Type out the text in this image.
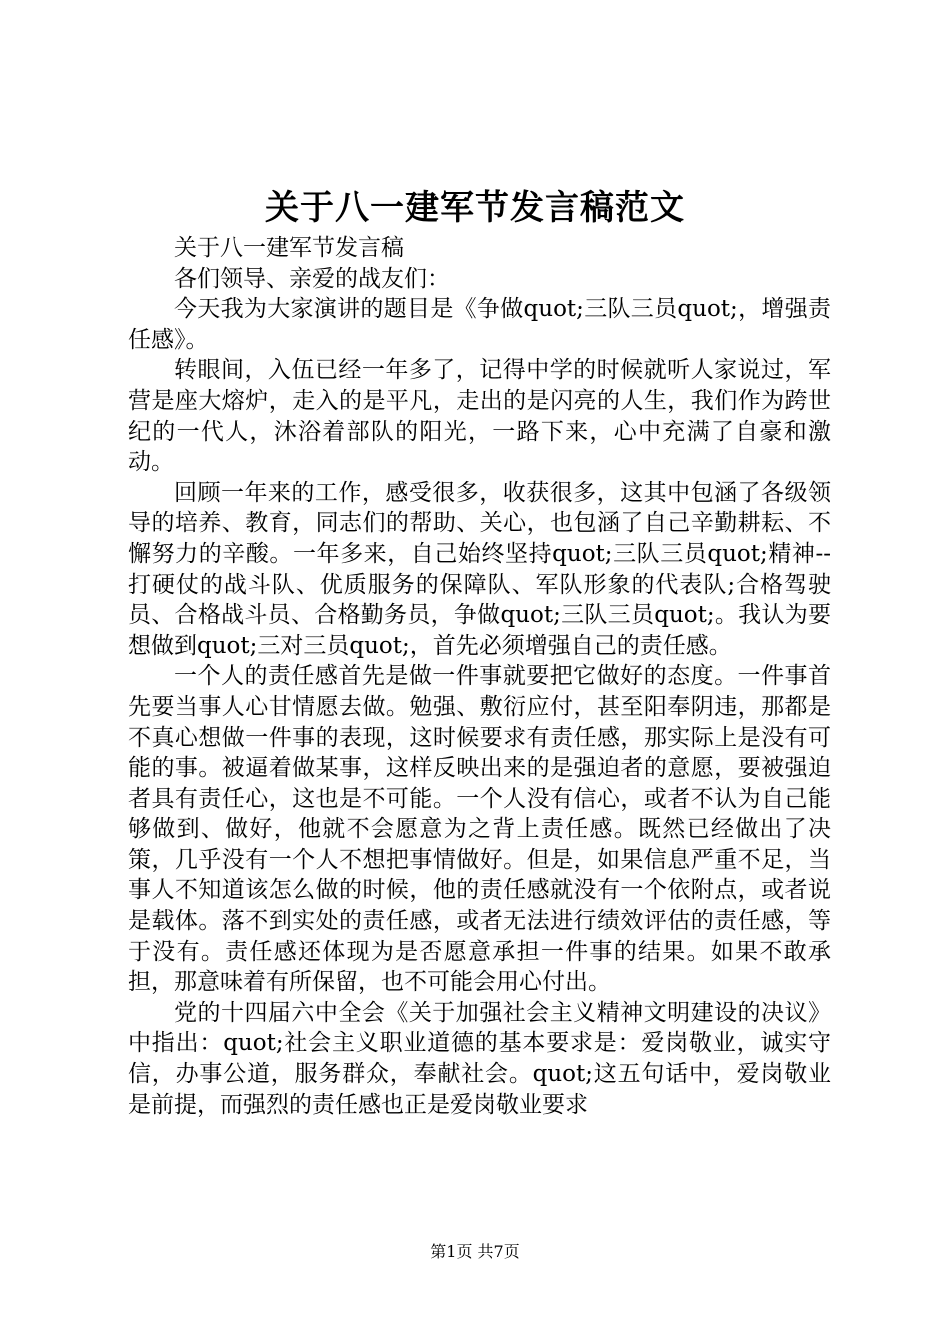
关于八一建军节发言稿范文

关于八一建军节发言稿

各们领导、亲爱的战友们：

今天我为大家演讲的题目是《争做quot;三队三员quot;，增强责任感》。

转眼间，入伍已经一年多了，记得中学的时候就听人家说过，军营是座大熔炉，走入的是平凡，走出的是闪亮的人生，我们作为跨世纪的一代人，沐浴着部队的阳光，一路下来，心中充满了自豪和激动。

回顾一年来的工作，感受很多，收获很多，这其中包涵了各级领导的培养、教育，同志们的帮助、关心，也包涵了自己辛勤耕耘、不懈努力的辛酸。一年多来，自己始终坚持quot;三队三员quot;精神--打硬仗的战斗队、优质服务的保障队、军队形象的代表队;合格驾驶员、合格战斗员、合格勤务员，争做quot;三队三员quot;。我认为要想做到quot;三对三员quot;，首先必须增强自己的责任感。

一个人的责任感首先是做一件事就要把它做好的态度。一件事首先要当事人心甘情愿去做。勉强、敷衍应付，甚至阳奉阴违，那都是不真心想做一件事的表现，这时候要求有责任感，那实际上是没有可能的事。被逼着做某事，这样反映出来的是强迫者的意愿，要被强迫者具有责任心，这也是不可能。一个人没有信心，或者不认为自己能够做到、做好，他就不会愿意为之背上责任感。既然已经做出了决策，几乎没有一个人不想把事情做好。但是，如果信息严重不足，当事人不知道该怎么做的时候，他的责任感就没有一个依附点，或者说是载体。落不到实处的责任感，或者无法进行绩效评估的责任感，等于没有。责任感还体现为是否愿意承担一件事的结果。如果不敢承担，那意味着有所保留，也不可能会用心付出。

党的十四届六中全会《关于加强社会主义精神文明建设的决议》中指出：quot;社会主义职业道德的基本要求是：爱岗敬业，诚实守信，办事公道，服务群众，奉献社会。quot;这五句话中，爱岗敬业是前提，而强烈的责任感也正是爱岗敬业要求

第1页 共7页
